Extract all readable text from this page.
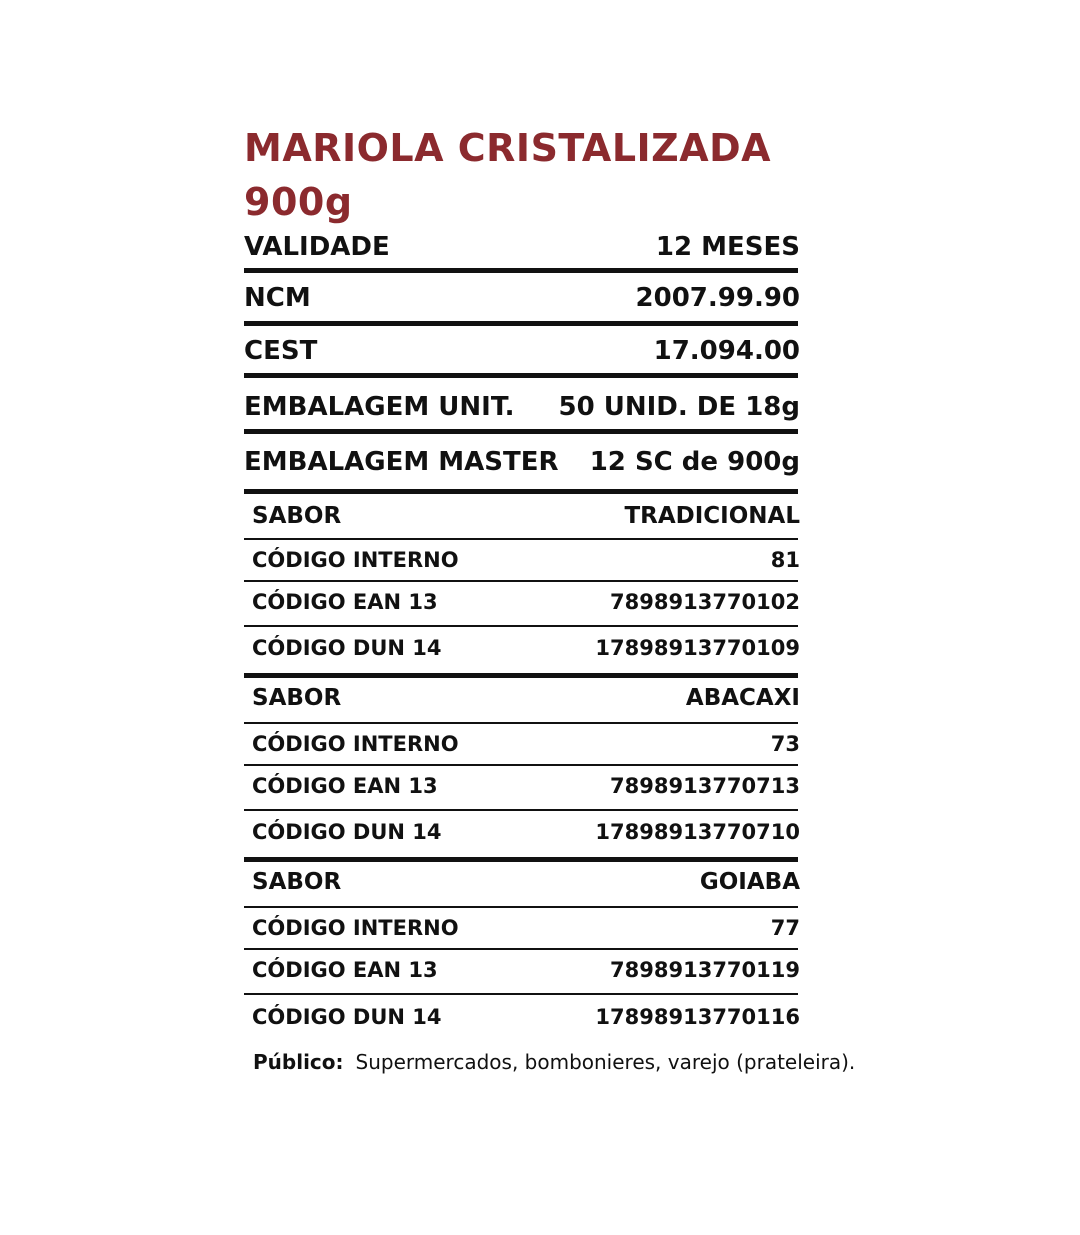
MARIOLA CRISTALIZADA
900g
VALIDADE	12 MESES
NCM	2007.99.90
CEST	17.094.00
EMBALAGEM UNIT. 50 UNID. DE 18g
EMBALAGEM MASTER 12 SC de 900g
SABOR	TRADICIONAL
CÓDIGO INTERNO	81
CÓDIGO EAN 13	7898913770102
CÓDIGO DUN 14	17898913770109
SABOR	ABACAXI
CÓDIGO INTERNO	73
CÓDIGO EAN 13	7898913770713
CÓDIGO DUN 14	17898913770710
SABOR	GOIABA
CÓDIGO INTERNO	77
CÓDIGO EAN 13	7898913770119
CÓDIGO DUN 14	17898913770116
Público: Supermercados, bombonieres, varejo (prateleira).
